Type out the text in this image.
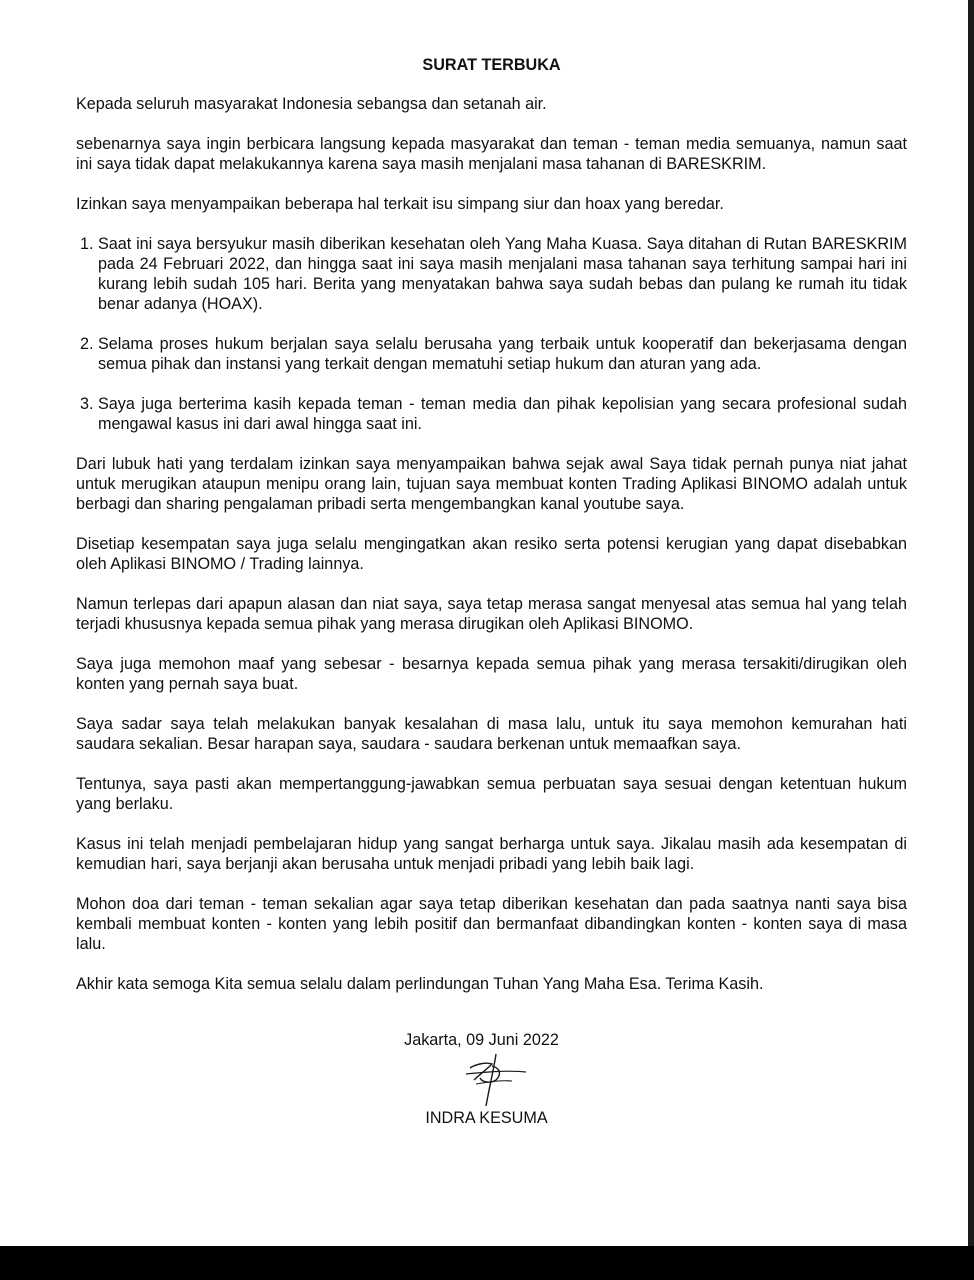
SURAT TERBUKA

Kepada seluruh masyarakat Indonesia sebangsa dan setanah air.

sebenarnya saya ingin berbicara langsung kepada masyarakat dan teman - teman media semuanya, namun saat ini saya tidak dapat melakukannya karena saya masih menjalani masa tahanan di BARESKRIM.

Izinkan saya menyampaikan beberapa hal terkait isu simpang siur dan hoax yang beredar.

1. Saat ini saya bersyukur masih diberikan kesehatan oleh Yang Maha Kuasa. Saya ditahan di Rutan BARESKRIM pada 24 Februari 2022, dan hingga saat ini saya masih menjalani masa tahanan saya terhitung sampai hari ini kurang lebih sudah 105 hari. Berita yang menyatakan bahwa saya sudah bebas dan pulang ke rumah itu tidak benar adanya (HOAX).
2. Selama proses hukum berjalan saya selalu berusaha yang terbaik untuk kooperatif dan bekerjasama dengan semua pihak dan instansi yang terkait dengan mematuhi setiap hukum dan aturan yang ada.
3. Saya juga berterima kasih kepada teman - teman media dan pihak kepolisian yang secara profesional sudah mengawal kasus ini dari awal hingga saat ini.

Dari lubuk hati yang terdalam izinkan saya menyampaikan bahwa sejak awal Saya tidak pernah punya niat jahat untuk merugikan ataupun menipu orang lain, tujuan saya membuat konten Trading Aplikasi BINOMO adalah untuk berbagi dan sharing pengalaman pribadi serta mengembangkan kanal youtube saya.

Disetiap kesempatan saya juga selalu mengingatkan akan resiko serta potensi kerugian yang dapat disebabkan oleh Aplikasi BINOMO / Trading lainnya.

Namun terlepas dari apapun alasan dan niat saya, saya tetap merasa sangat menyesal atas semua hal yang telah terjadi khususnya kepada semua pihak yang merasa dirugikan oleh Aplikasi BINOMO.

Saya juga memohon maaf yang sebesar - besarnya kepada semua pihak yang merasa tersakiti/dirugikan oleh konten yang pernah saya buat.

Saya sadar saya telah melakukan banyak kesalahan di masa lalu, untuk itu saya memohon kemurahan hati saudara sekalian. Besar harapan saya, saudara - saudara berkenan untuk memaafkan saya.

Tentunya, saya pasti akan mempertanggung-jawabkan semua perbuatan saya sesuai dengan ketentuan hukum yang berlaku.

Kasus ini telah menjadi pembelajaran hidup yang sangat berharga untuk saya. Jikalau masih ada kesempatan di kemudian hari, saya berjanji akan berusaha untuk menjadi pribadi yang lebih baik lagi.

Mohon doa dari teman - teman sekalian agar saya tetap diberikan kesehatan dan pada saatnya nanti saya bisa kembali membuat konten - konten yang lebih positif dan bermanfaat dibandingkan konten - konten saya di masa lalu.

Akhir kata semoga Kita semua selalu dalam perlindungan Tuhan Yang Maha Esa. Terima Kasih.

Jakarta, 09 Juni 2022
INDRA KESUMA
